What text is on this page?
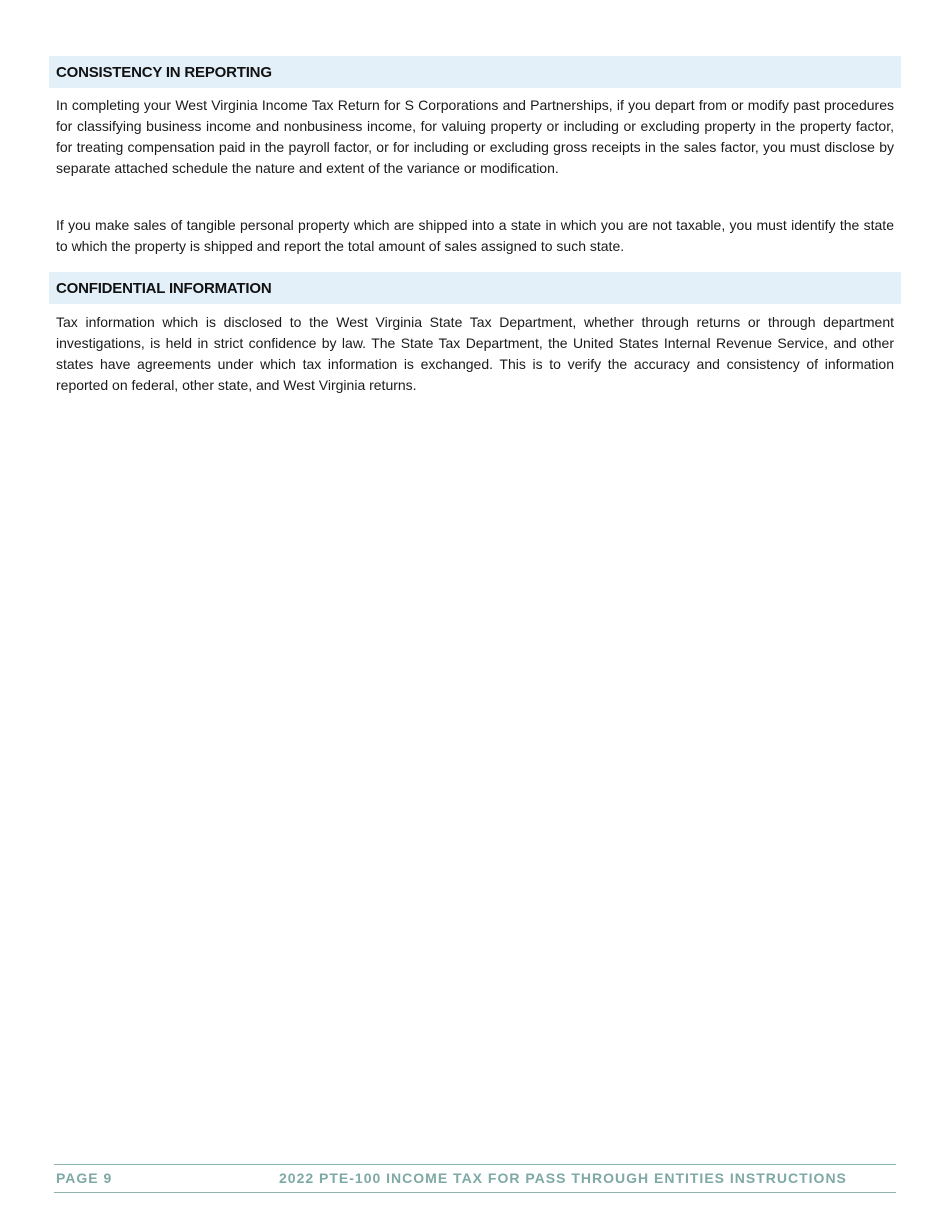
CONSISTENCY IN REPORTING

In completing your West Virginia Income Tax Return for S Corporations and Partnerships, if you depart from or modify past procedures for classifying business income and nonbusiness income, for valuing property or including or excluding property in the property factor, for treating compensation paid in the payroll factor, or for including or excluding gross receipts in the sales factor, you must disclose by separate attached schedule the nature and extent of the variance or modification.

If you make sales of tangible personal property which are shipped into a state in which you are not taxable, you must identify the state to which the property is shipped and report the total amount of sales assigned to such state.

CONFIDENTIAL INFORMATION

Tax information which is disclosed to the West Virginia State Tax Department, whether through returns or through department investigations, is held in strict confidence by law. The State Tax Department, the United States Internal Revenue Service, and other states have agreements under which tax information is exchanged. This is to verify the accuracy and consistency of information reported on federal, other state, and West Virginia returns.

PAGE 9	2022 PTE-100 INCOME TAX FOR PASS THROUGH ENTITIES INSTRUCTIONS
